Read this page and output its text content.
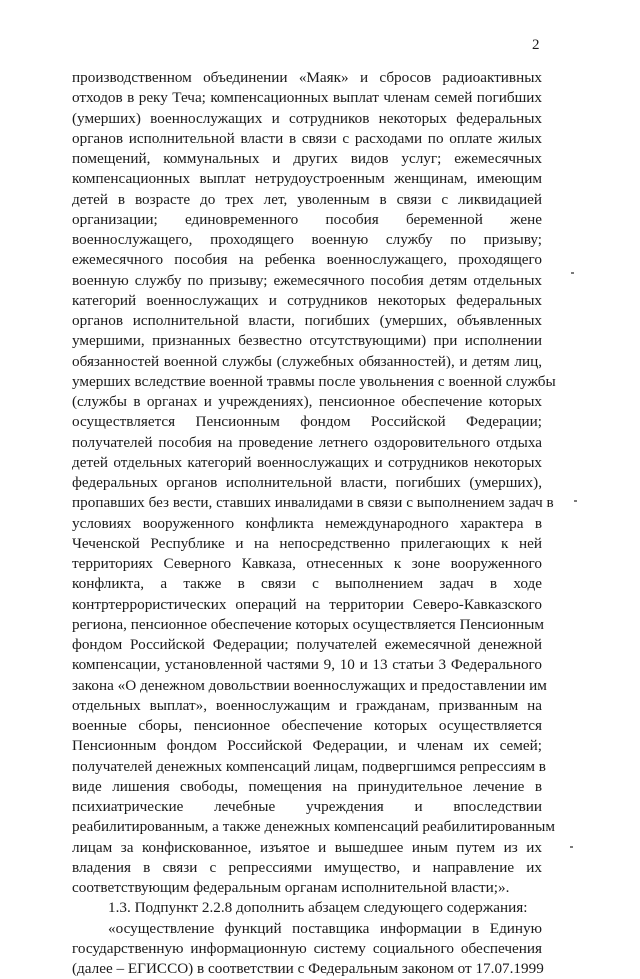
2
производственном объединении «Маяк» и сбросов радиоактивных
отходов в реку Теча; компенсационных выплат членам семей погибших
(умерших) военнослужащих и сотрудников некоторых федеральных
органов исполнительной власти в связи с расходами по оплате жилых
помещений, коммунальных и других видов услуг; ежемесячных
компенсационных выплат нетрудоустроенным женщинам, имеющим
детей в возрасте до трех лет, уволенным в связи с ликвидацией
организации; единовременного пособия беременной жене
военнослужащего, проходящего военную службу по призыву;
ежемесячного пособия на ребенка военнослужащего, проходящего
военную службу по призыву; ежемесячного пособия детям отдельных
категорий военнослужащих и сотрудников некоторых федеральных
органов исполнительной власти, погибших (умерших, объявленных
умершими, признанных безвестно отсутствующими) при исполнении
обязанностей военной службы (служебных обязанностей), и детям лиц,
умерших вследствие военной травмы после увольнения с военной службы
(службы в органах и учреждениях), пенсионное обеспечение которых
осуществляется Пенсионным фондом Российской Федерации;
получателей пособия на проведение летнего оздоровительного отдыха
детей отдельных категорий военнослужащих и сотрудников некоторых
федеральных органов исполнительной власти, погибших (умерших),
пропавших без вести, ставших инвалидами в связи с выполнением задач в
условиях вооруженного конфликта немеждународного характера в
Чеченской Республике и на непосредственно прилегающих к ней
территориях Северного Кавказа, отнесенных к зоне вооруженного
конфликта, а также в связи с выполнением задач в ходе
контртеррористических операций на территории Северо-Кавказского
региона, пенсионное обеспечение которых осуществляется Пенсионным
фондом Российской Федерации; получателей ежемесячной денежной
компенсации, установленной частями 9, 10 и 13 статьи 3 Федерального
закона «О денежном довольствии военнослужащих и предоставлении им
отдельных выплат», военнослужащим и гражданам, призванным на
военные сборы, пенсионное обеспечение которых осуществляется
Пенсионным фондом Российской Федерации, и членам их семей;
получателей денежных компенсаций лицам, подвергшимся репрессиям в
виде лишения свободы, помещения на принудительное лечение в
психиатрические лечебные учреждения и впоследствии
реабилитированным, а также денежных компенсаций реабилитированным
лицам за конфискованное, изъятое и вышедшее иным путем из их
владения в связи с репрессиями имущество, и направление их
соответствующим федеральным органам исполнительной власти;».
1.3. Подпункт 2.2.8 дополнить абзацем следующего содержания:
«осуществление функций поставщика информации в Единую
государственную информационную систему социального обеспечения
(далее – ЕГИССО) в соответствии с Федеральным законом от 17.07.1999
